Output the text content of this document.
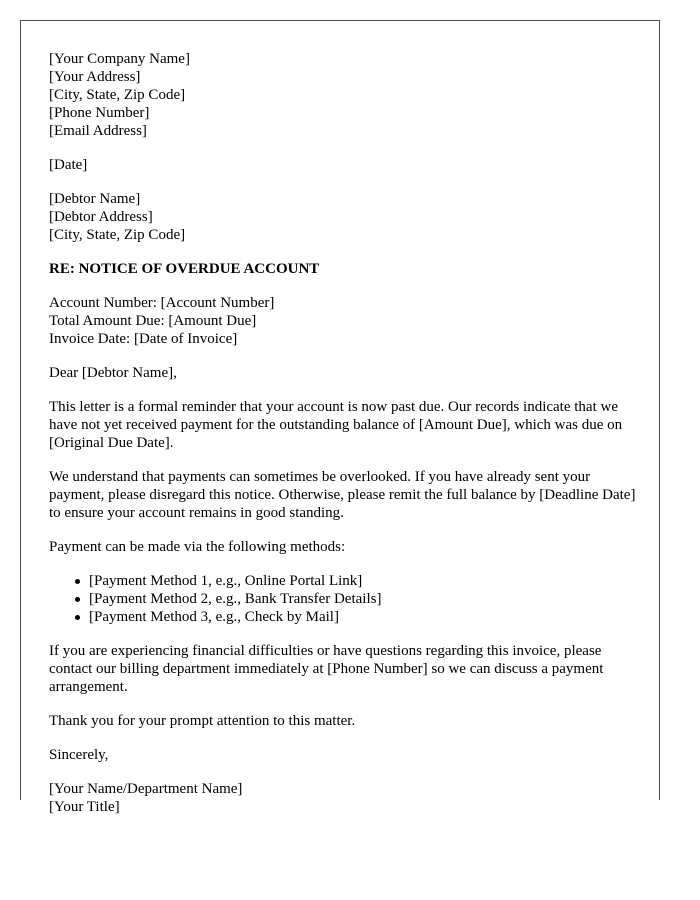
[Your Company Name]
[Your Address]
[City, State, Zip Code]
[Phone Number]
[Email Address]
[Date]
[Debtor Name]
[Debtor Address]
[City, State, Zip Code]
RE: NOTICE OF OVERDUE ACCOUNT
Account Number: [Account Number]
Total Amount Due: [Amount Due]
Invoice Date: [Date of Invoice]

Dear [Debtor Name],

This letter is a formal reminder that your account is now past due. Our records indicate that we have not yet received payment for the outstanding balance of [Amount Due], which was due on [Original Due Date].

We understand that payments can sometimes be overlooked. If you have already sent your payment, please disregard this notice. Otherwise, please remit the full balance by [Deadline Date] to ensure your account remains in good standing.

Payment can be made via the following methods:

[Payment Method 1, e.g., Online Portal Link]
[Payment Method 2, e.g., Bank Transfer Details]
[Payment Method 3, e.g., Check by Mail]

If you are experiencing financial difficulties or have questions regarding this invoice, please contact our billing department immediately at [Phone Number] so we can discuss a payment arrangement.

Thank you for your prompt attention to this matter.

Sincerely,

[Your Name/Department Name]
[Your Title]
